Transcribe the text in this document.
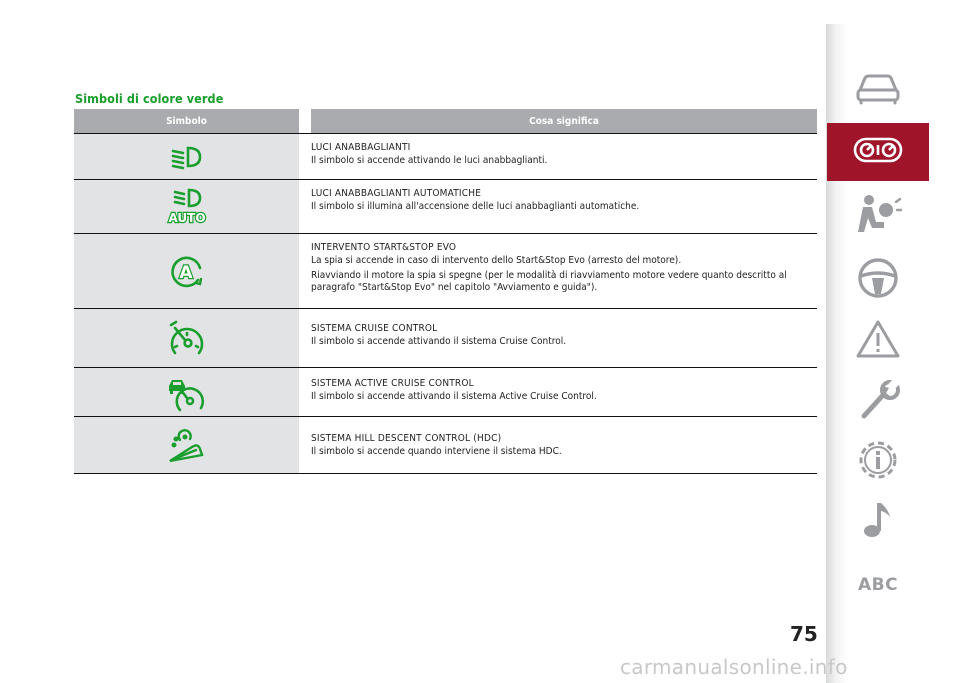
Simboli di colore verde
Simbolo	Cosa significa
LUCI ANABBAGLIANTI
Il simbolo si accende attivando le luci anabbaglianti.
AUTO
LUCI ANABBAGLIANTI AUTOMATICHE
Il simbolo si illumina all'accensione delle luci anabbaglianti automatiche.
A
INTERVENTO START&STOP EVO
La spia si accende in caso di intervento dello Start&Stop Evo (arresto del motore).
Riavviando il motore la spia si spegne (per le modalità di riavviamento motore vedere quanto descritto al paragrafo "Start&Stop Evo" nel capitolo "Avviamento e guida").
SISTEMA CRUISE CONTROL
Il simbolo si accende attivando il sistema Cruise Control.
SISTEMA ACTIVE CRUISE CONTROL
Il simbolo si accende attivando il sistema Active Cruise Control.
SISTEMA HILL DESCENT CONTROL (HDC)
Il simbolo si accende quando interviene il sistema HDC.
ABC
75
carmanualsonline.info
